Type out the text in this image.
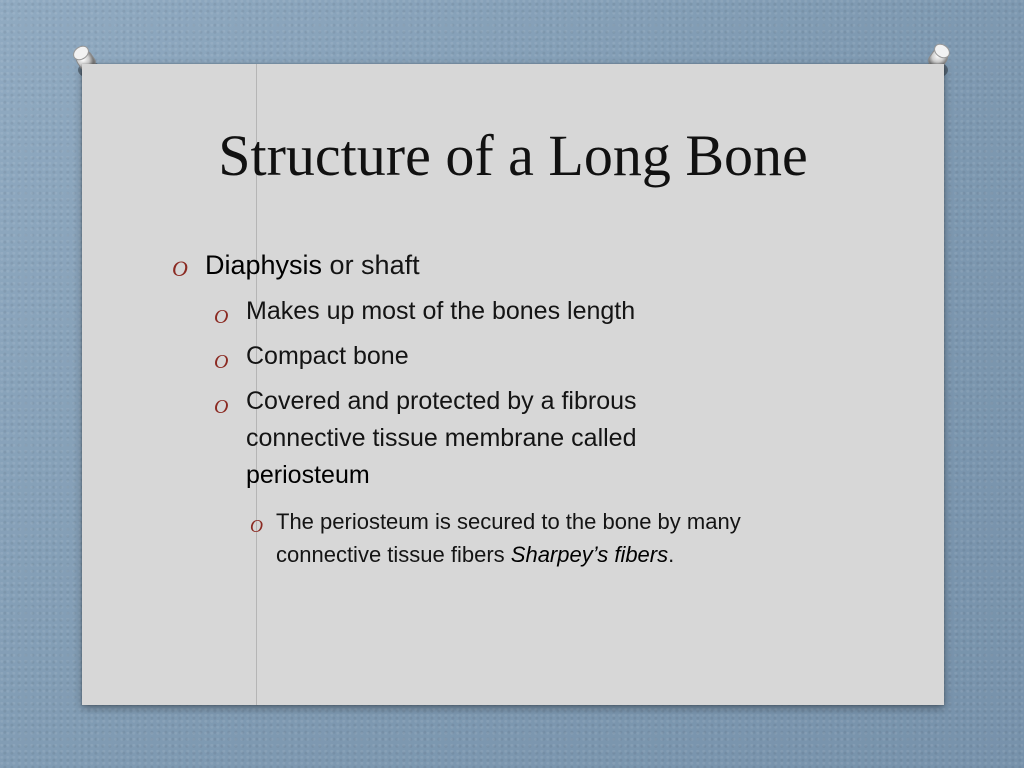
Structure of a Long Bone
O Diaphysis or shaft
O Makes up most of the bones length
O Compact bone
O Covered and protected by a fibrous
connective tissue membrane called
periosteum
O The periosteum is secured to the bone by many
connective tissue fibers Sharpey’s fibers.
